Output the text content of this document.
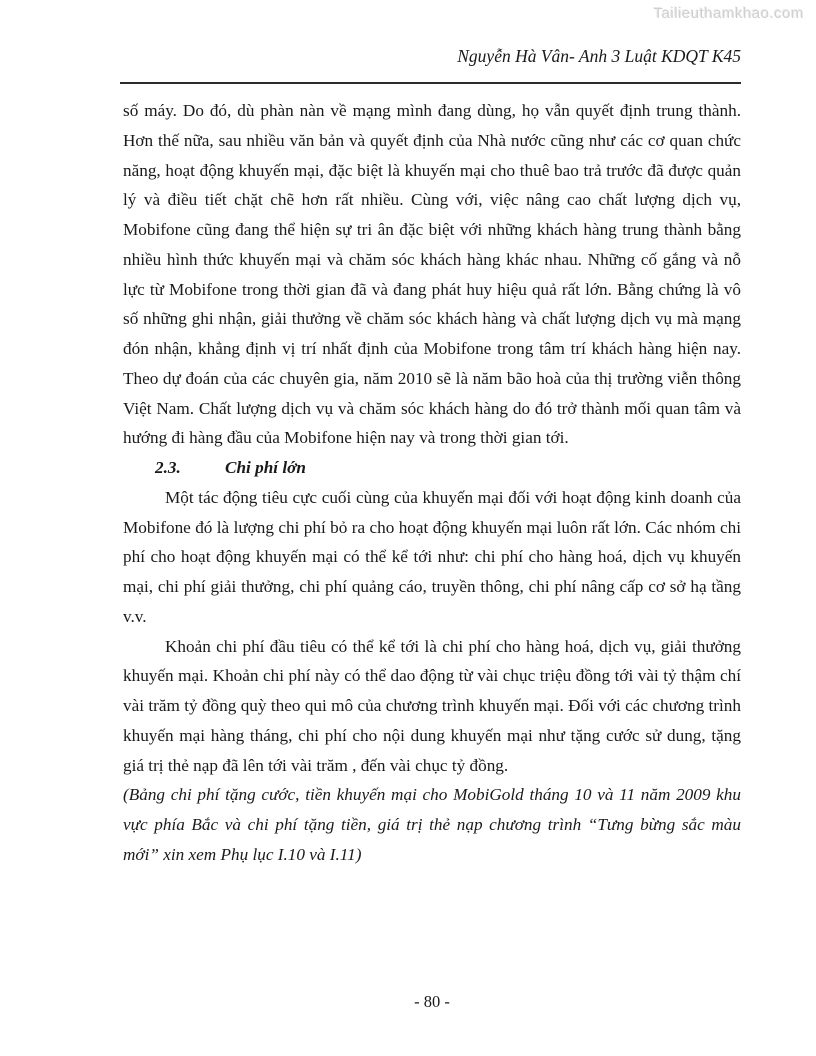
Tailieuthamkhao.com
Nguyễn Hà Vân- Anh 3 Luật KDQT K45

số máy. Do đó, dù phàn nàn về mạng mình đang dùng, họ vẫn quyết định trung thành. Hơn thế nữa, sau nhiều văn bản và quyết định của Nhà nước cũng như các cơ quan chức năng, hoạt động khuyến mại, đặc biệt là khuyến mại cho thuê bao trả trước đã được quản lý và điều tiết chặt chẽ hơn rất nhiều. Cùng với, việc nâng cao chất lượng dịch vụ, Mobifone cũng đang thể hiện sự tri ân đặc biệt với những khách hàng trung thành bằng nhiều hình thức khuyến mại và chăm sóc khách hàng khác nhau. Những cố gắng và nỗ lực từ Mobifone trong thời gian đã và đang phát huy hiệu quả rất lớn. Bằng chứng là vô số những ghi nhận, giải thưởng về chăm sóc khách hàng và chất lượng dịch vụ mà mạng đón nhận, khẳng định vị trí nhất định của Mobifone trong tâm trí khách hàng hiện nay. Theo dự đoán của các chuyên gia, năm 2010 sẽ là năm bão hoà của thị trường viễn thông Việt Nam. Chất lượng dịch vụ và chăm sóc khách hàng do đó trở thành mối quan tâm và hướng đi hàng đầu của Mobifone hiện nay và trong thời gian tới.

2.3.	Chi phí lớn

Một tác động tiêu cực cuối cùng của khuyến mại đối với hoạt động kinh doanh của Mobifone đó là lượng chi phí bỏ ra cho hoạt động khuyến mại luôn rất lớn. Các nhóm chi phí cho hoạt động khuyến mại có thể kể tới như: chi phí cho hàng hoá, dịch vụ khuyến mại, chi phí giải thưởng, chi phí quảng cáo, truyền thông, chi phí nâng cấp cơ sở hạ tầng v.v.

Khoản chi phí đầu tiêu có thể kể tới là chi phí cho hàng hoá, dịch vụ, giải thưởng khuyến mại. Khoản chi phí này có thể dao động từ vài chục triệu đồng tới vài tỷ thậm chí vài trăm tỷ đồng quỳ theo qui mô của chương trình khuyến mại. Đối với các chương trình khuyến mại hàng tháng, chi phí cho nội dung khuyến mại như tặng cước sử dung, tặng giá trị thẻ nạp đã lên tới vài trăm , đến vài chục tỷ đồng.

(Bảng chi phí tặng cước, tiền khuyến mại cho MobiGold tháng 10 và 11 năm 2009 khu vực phía Bắc và chi phí tặng tiền, giá trị thẻ nạp chương trình “Tưng bừng sắc màu mới” xin xem Phụ lục I.10 và I.11)

- 80 -
